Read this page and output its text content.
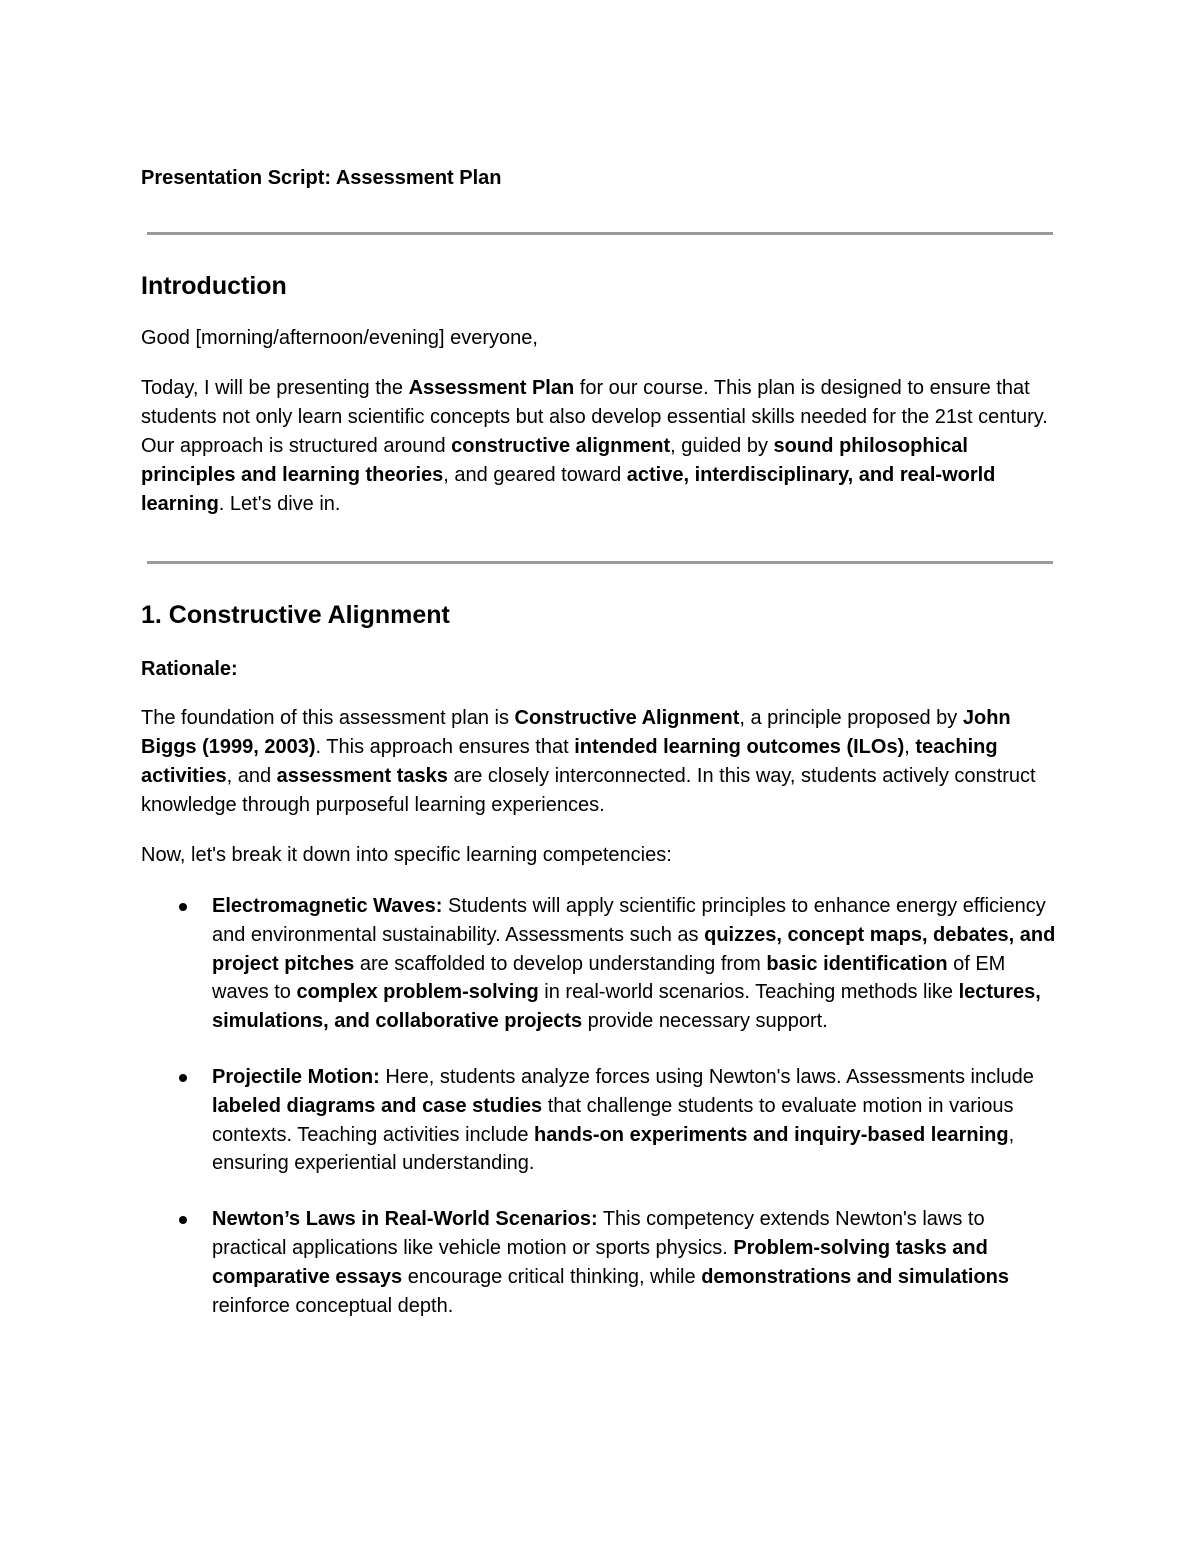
Presentation Script: Assessment Plan

Introduction

Good [morning/afternoon/evening] everyone,

Today, I will be presenting the Assessment Plan for our course. This plan is designed to ensure that students not only learn scientific concepts but also develop essential skills needed for the 21st century. Our approach is structured around constructive alignment, guided by sound philosophical principles and learning theories, and geared toward active, interdisciplinary, and real-world learning. Let's dive in.

1. Constructive Alignment
Rationale:

The foundation of this assessment plan is Constructive Alignment, a principle proposed by John Biggs (1999, 2003). This approach ensures that intended learning outcomes (ILOs), teaching activities, and assessment tasks are closely interconnected. In this way, students actively construct knowledge through purposeful learning experiences.

Now, let's break it down into specific learning competencies:

Electromagnetic Waves: Students will apply scientific principles to enhance energy efficiency and environmental sustainability. Assessments such as quizzes, concept maps, debates, and project pitches are scaffolded to develop understanding from basic identification of EM waves to complex problem-solving in real-world scenarios. Teaching methods like lectures, simulations, and collaborative projects provide necessary support.
Projectile Motion: Here, students analyze forces using Newton's laws. Assessments include labeled diagrams and case studies that challenge students to evaluate motion in various contexts. Teaching activities include hands-on experiments and inquiry-based learning, ensuring experiential understanding.
Newton’s Laws in Real-World Scenarios: This competency extends Newton's laws to practical applications like vehicle motion or sports physics. Problem-solving tasks and comparative essays encourage critical thinking, while demonstrations and simulations reinforce conceptual depth.
